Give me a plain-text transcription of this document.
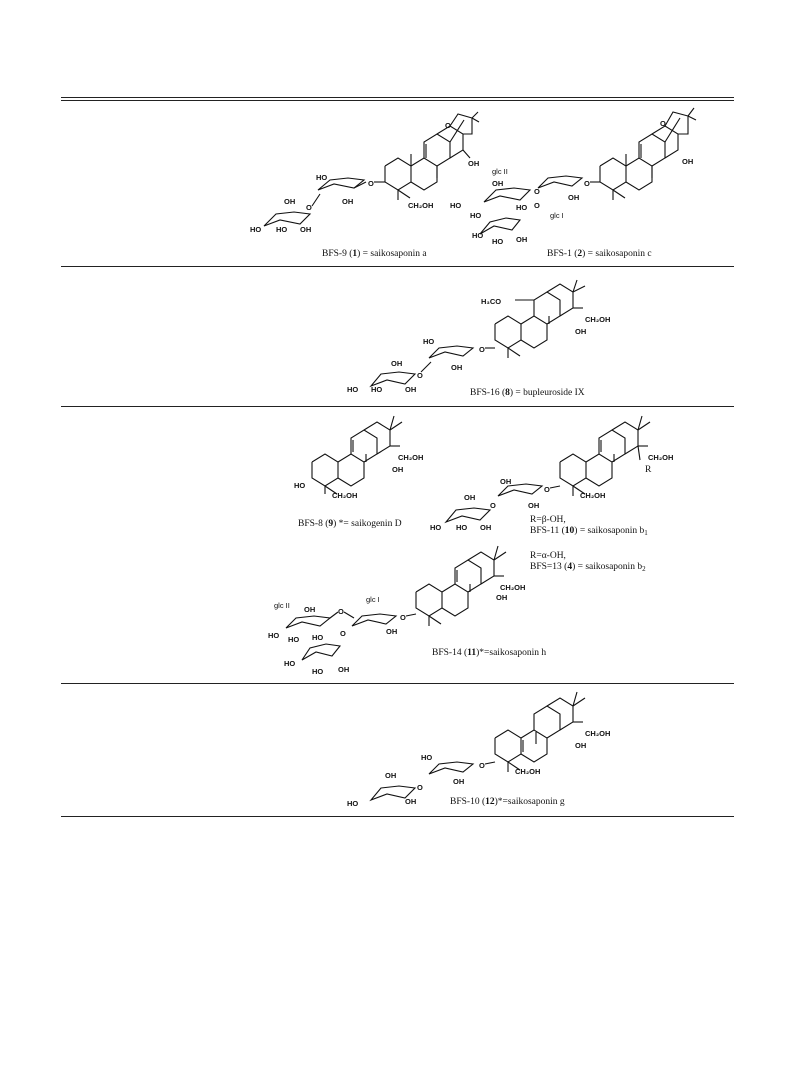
CH₂OH
OH
O
O
HO
OH
O
OH
HO HO OH
OH
O
O
glc II
O
OH
HO
HO
HO
OH
glc I
O
HO
HO OH
BFS-9 (1) = saikosaponin a	BFS-1 (2) = saikosaponin c
H₃CO
CH₂OH
OH
O
HO
OH
O
OH
HO HO	OH	BFS-16 (8) = bupleuroside IX
HO
CH₂OH
CH₂OH
OH
BFS-8 (9) *= saikogenin D
CH₂OH
CH₂OH
O
OH
OH
O
OH
HO HO OH
R
R=β-OH,
BFS-11 (10) = saikosaponin $b_1$
R=α-OH,
BFS=13 (4) = saikosaponin $b_2$
CH₂OH
OH
O
glc I
OH
glc II
O
OH
HO HO HO O
HO
HO OH
BFS-14 (11)*=saikosaponin h
CH₂OH
OH
CH₂OH
O
HO
OH
O
OH
HO	OH	BFS-10 (12)*=saikosaponin g
